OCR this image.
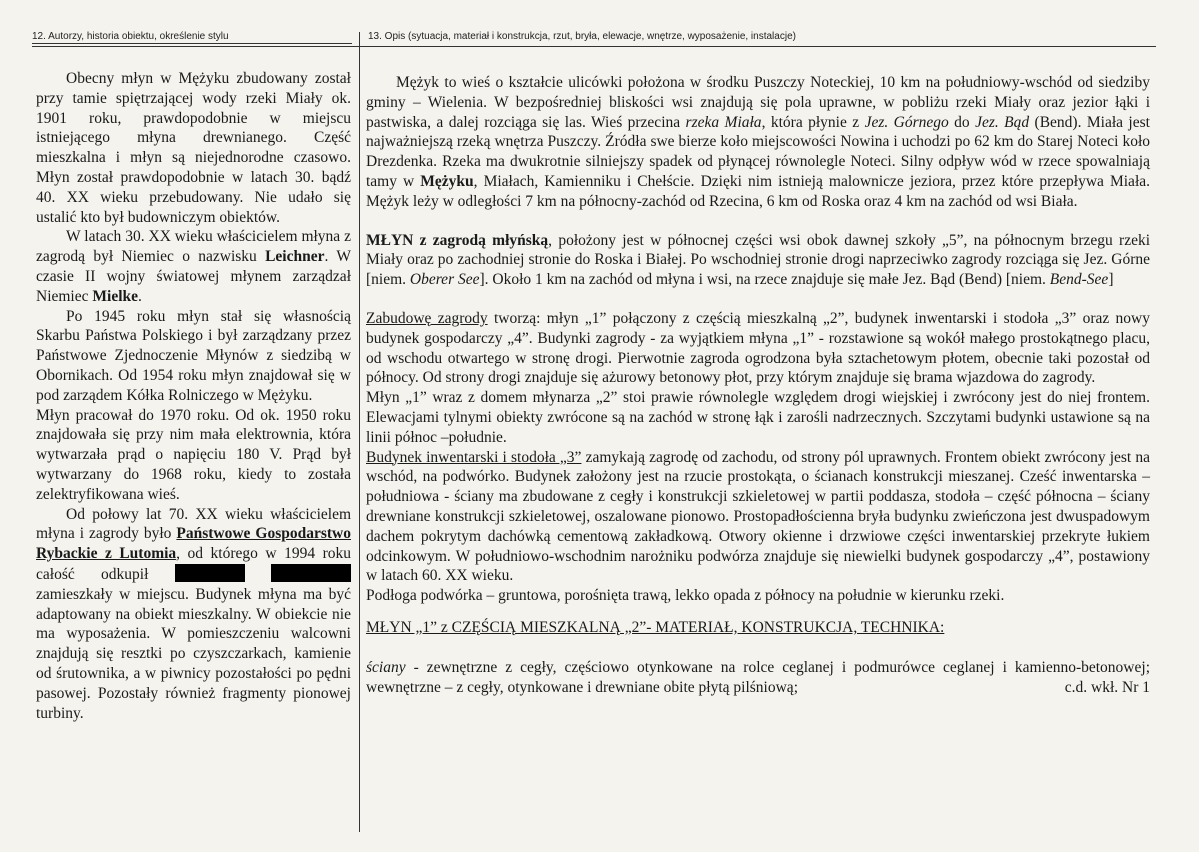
12. Autorzy, historia obiektu, określenie stylu	13. Opis (sytuacja, materiał i konstrukcja, rzut, bryła, elewacje, wnętrze, wyposażenie, instalacje)

Obecny młyn w Mężyku zbudowany został przy tamie spiętrzającej wody rzeki Miały ok. 1901 roku, prawdopodobnie w miejscu istniejącego młyna drewnianego. Część mieszkalna i młyn są niejednorodne czasowo. Młyn został prawdopodobnie w latach 30. bądź 40. XX wieku przebudowany. Nie udało się ustalić kto był budowniczym obiektów.

W latach 30. XX wieku właścicielem młyna z zagrodą był Niemiec o nazwisku Leichner. W czasie II wojny światowej młynem zarządzał Niemiec Mielke.

Po 1945 roku młyn stał się własnością Skarbu Państwa Polskiego i był zarządzany przez Państwowe Zjednoczenie Młynów z siedzibą w Obornikach. Od 1954 roku młyn znajdował się w pod zarządem Kółka Rolniczego w Mężyku.

Młyn pracował do 1970 roku. Od ok. 1950 roku znajdowała się przy nim mała elektrownia, która wytwarzała prąd o napięciu 180 V. Prąd był wytwarzany do 1968 roku, kiedy to została zelektryfikowana wieś.

Od połowy lat 70. XX wieku właścicielem młyna i zagrody było Państwowe Gospodarstwo Rybackie z Lutomia, od którego w 1994 roku całość odkupił   zamieszkały w miejscu. Budynek młyna ma być adaptowany na obiekt mieszkalny. W obiekcie nie ma wyposażenia. W pomieszczeniu walcowni znajdują się resztki po czyszczarkach, kamienie od śrutownika, a w piwnicy pozostałości po pędni pasowej. Pozostały również fragmenty pionowej turbiny.

Mężyk to wieś o kształcie ulicówki położona w środku Puszczy Noteckiej, 10 km na południowy-wschód od siedziby gminy – Wielenia. W bezpośredniej bliskości wsi znajdują się pola uprawne, w pobliżu rzeki Miały oraz jezior łąki i pastwiska, a dalej rozciąga się las. Wieś przecina rzeka Miała, która płynie z Jez. Górnego do Jez. Bąd (Bend). Miała jest najważniejszą rzeką wnętrza Puszczy. Źródła swe bierze koło miejscowości Nowina i uchodzi po 62 km do Starej Noteci koło Drezdenka. Rzeka ma dwukrotnie silniejszy spadek od płynącej równolegle Noteci. Silny odpływ wód w rzece spowalniają tamy w Mężyku, Miałach, Kamienniku i Chełście. Dzięki nim istnieją malownicze jeziora, przez które przepływa Miała. Mężyk leży w odległości 7 km na północny-zachód od Rzecina, 6 km od Roska oraz 4 km na zachód od wsi Biała.

MŁYN z zagrodą młyńską, położony jest w północnej części wsi obok dawnej szkoły „5”, na północnym brzegu rzeki Miały oraz po zachodniej stronie do Roska i Białej. Po wschodniej stronie drogi naprzeciwko zagrody rozciąga się Jez. Górne [niem. Oberer See]. Około 1 km na zachód od młyna i wsi, na rzece znajduje się małe Jez. Bąd (Bend) [niem. Bend-See]

Zabudowę zagrody tworzą: młyn „1” połączony z częścią mieszkalną „2”, budynek inwentarski i stodoła „3” oraz nowy budynek gospodarczy „4”. Budynki zagrody - za wyjątkiem młyna „1” - rozstawione są wokół małego prostokątnego placu, od wschodu otwartego w stronę drogi. Pierwotnie zagroda ogrodzona była sztachetowym płotem, obecnie taki pozostał od północy. Od strony drogi znajduje się ażurowy betonowy płot, przy którym znajduje się brama wjazdowa do zagrody.

Młyn „1” wraz z domem młynarza „2” stoi prawie równolegle względem drogi wiejskiej i zwrócony jest do niej frontem. Elewacjami tylnymi obiekty zwrócone są na zachód w stronę łąk i zarośli nadrzecznych. Szczytami budynki ustawione są na linii północ –południe.

Budynek inwentarski i stodoła „3” zamykają zagrodę od zachodu, od strony pól uprawnych. Frontem obiekt zwrócony jest na wschód, na podwórko. Budynek założony jest na rzucie prostokąta, o ścianach konstrukcji mieszanej. Cześć inwentarska – południowa - ściany ma zbudowane z cegły i konstrukcji szkieletowej w partii poddasza, stodoła – część północna – ściany drewniane konstrukcji szkieletowej, oszalowane pionowo. Prostopadłościenna bryła budynku zwieńczona jest dwuspadowym dachem pokrytym dachówką cementową zakładkową. Otwory okienne i drzwiowe części inwentarskiej przekryte łukiem odcinkowym. W południowo-wschodnim narożniku podwórza znajduje się niewielki budynek gospodarczy „4”, postawiony w latach 60. XX wieku.

Podłoga podwórka – gruntowa, porośnięta trawą, lekko opada z północy na południe w kierunku rzeki.

MŁYN „1” z CZĘŚCIĄ MIESZKALNĄ „2”- MATERIAŁ, KONSTRUKCJA, TECHNIKA:

ściany - zewnętrzne z cegły, częściowo otynkowane na rolce ceglanej i podmurówce ceglanej i kamienno-betonowej; wewnętrzne – z cegły, otynkowane i drewniane obite płytą pilśniową;	c.d. wkł. Nr 1
